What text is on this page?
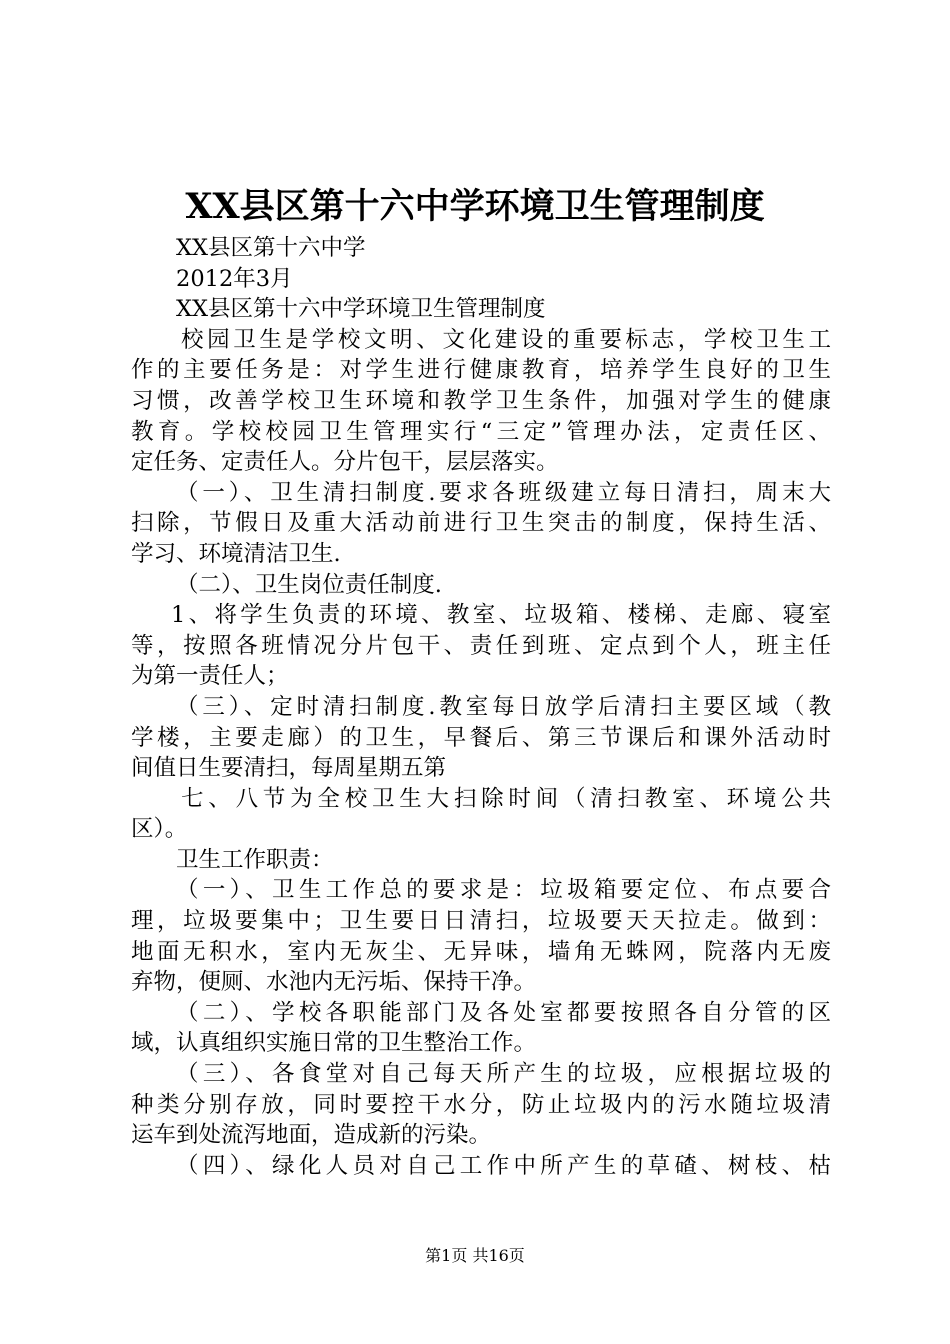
XX县区第十六中学环境卫生管理制度
XX县区第十六中学
2012年3月
XX县区第十六中学环境卫生管理制度
校园卫生是学校文明、文化建设的重要标志，学校卫生工
作的主要任务是：对学生进行健康教育，培养学生良好的卫生
习惯，改善学校卫生环境和教学卫生条件，加强对学生的健康
教育。学校校园卫生管理实行“三定”管理办法，定责任区、
定任务、定责任人。分片包干，层层落实。
（一）、卫生清扫制度.要求各班级建立每日清扫，周末大
扫除，节假日及重大活动前进行卫生突击的制度，保持生活、
学习、环境清洁卫生.
（二）、卫生岗位责任制度.
1、将学生负责的环境、教室、垃圾箱、楼梯、走廊、寝室
等，按照各班情况分片包干、责任到班、定点到个人，班主任
为第一责任人；
（三）、定时清扫制度.教室每日放学后清扫主要区域（教
学楼，主要走廊）的卫生，早餐后、第三节课后和课外活动时
间值日生要清扫，每周星期五第
七、八节为全校卫生大扫除时间（清扫教室、环境公共
区）。
卫生工作职责：
（一）、卫生工作总的要求是：垃圾箱要定位、布点要合
理，垃圾要集中；卫生要日日清扫，垃圾要天天拉走。做到：
地面无积水，室内无灰尘、无异味，墙角无蛛网，院落内无废
弃物，便厕、水池内无污垢、保持干净。
（二）、学校各职能部门及各处室都要按照各自分管的区
域，认真组织实施日常的卫生整治工作。
（三）、各食堂对自己每天所产生的垃圾，应根据垃圾的
种类分别存放，同时要控干水分，防止垃圾内的污水随垃圾清
运车到处流泻地面，造成新的污染。
（四）、绿化人员对自己工作中所产生的草碴、树枝、枯
第1页 共16页
